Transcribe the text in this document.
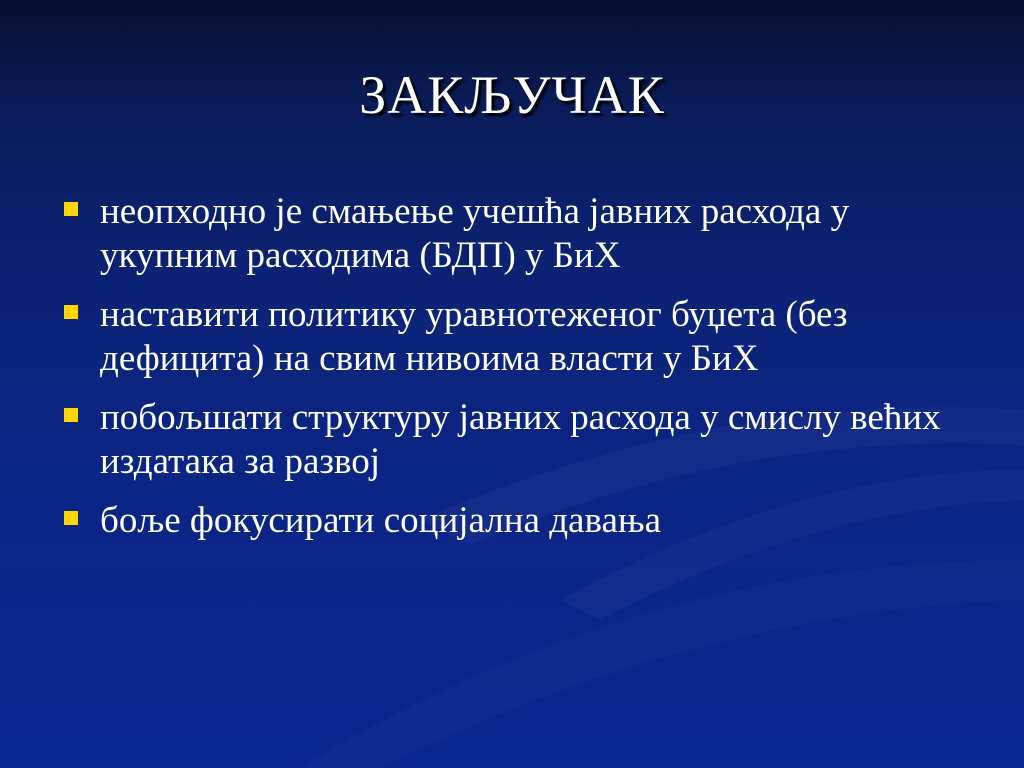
ЗАКЉУЧАК
неопходно је смањење учешћа јавних расхода у укупним расходима (БДП) у БиХ
наставити политику уравнотеженог буџета (без дефицита) на свим нивоима власти у БиХ
побољшати структуру јавних расхода у смислу већих издатака за развој
боље фокусирати социјална давања
